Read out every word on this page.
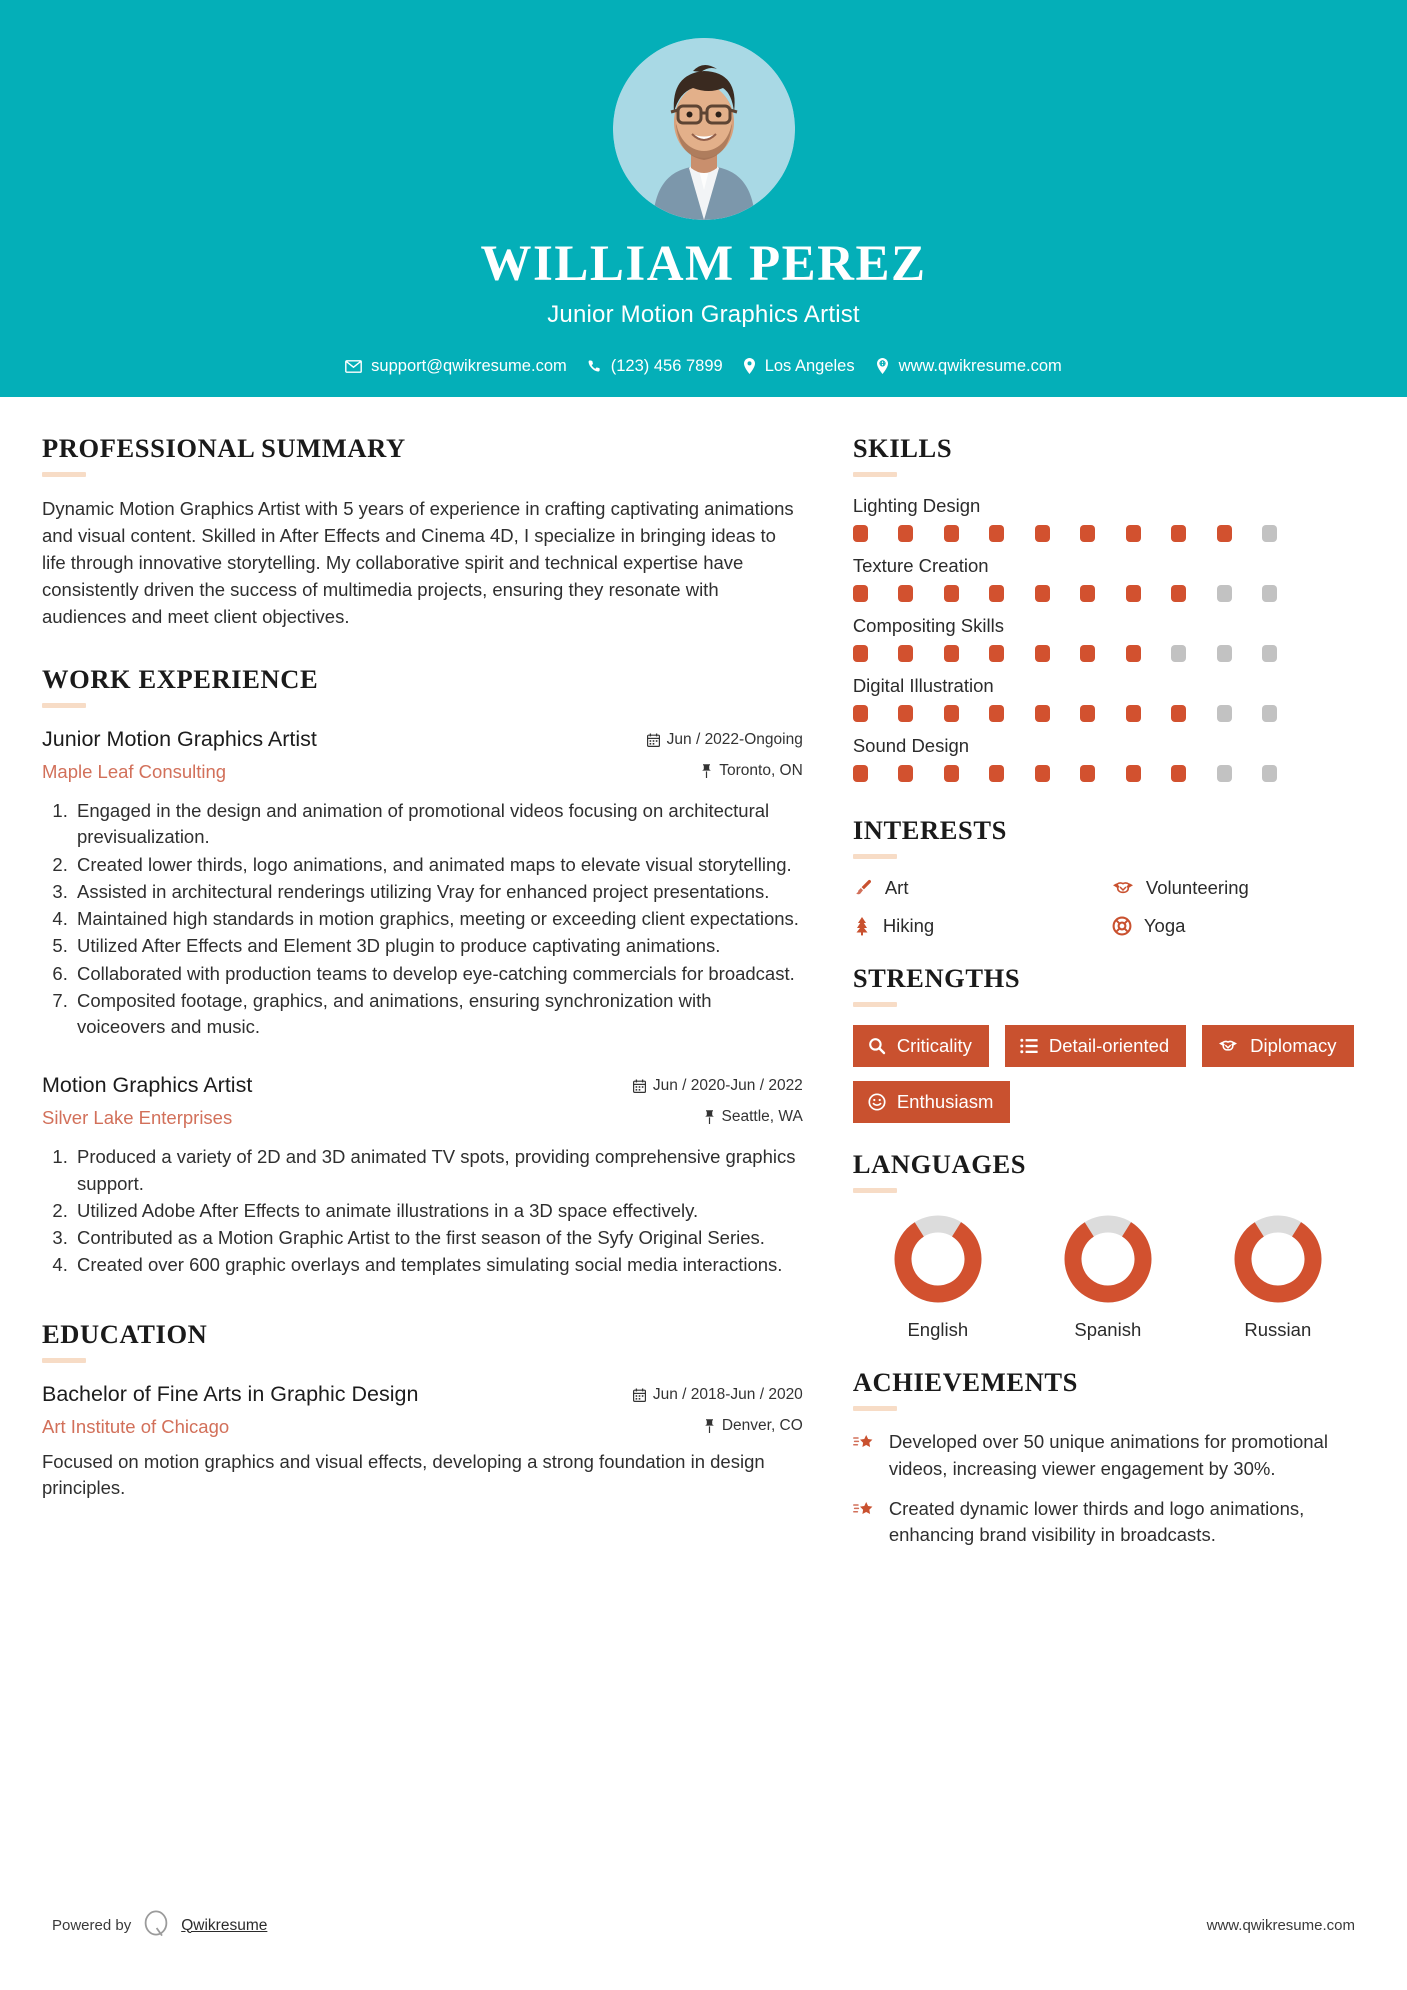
WILLIAM PEREZ
Junior Motion Graphics Artist
support@qwikresume.com	(123) 456 7899	Los Angeles	www.qwikresume.com
PROFESSIONAL SUMMARY
Dynamic Motion Graphics Artist with 5 years of experience in crafting captivating animations and visual content. Skilled in After Effects and Cinema 4D, I specialize in bringing ideas to life through innovative storytelling. My collaborative spirit and technical expertise have consistently driven the success of multimedia projects, ensuring they resonate with audiences and meet client objectives.
WORK EXPERIENCE
Junior Motion Graphics Artist
Maple Leaf Consulting
Jun / 2022-Ongoing
Toronto, ON
1. Engaged in the design and animation of promotional videos focusing on architectural previsualization.
2. Created lower thirds, logo animations, and animated maps to elevate visual storytelling.
3. Assisted in architectural renderings utilizing Vray for enhanced project presentations.
4. Maintained high standards in motion graphics, meeting or exceeding client expectations.
5. Utilized After Effects and Element 3D plugin to produce captivating animations.
6. Collaborated with production teams to develop eye-catching commercials for broadcast.
7. Composited footage, graphics, and animations, ensuring synchronization with voiceovers and music.
Motion Graphics Artist
Silver Lake Enterprises
Jun / 2020-Jun / 2022
Seattle, WA
1. Produced a variety of 2D and 3D animated TV spots, providing comprehensive graphics support.
2. Utilized Adobe After Effects to animate illustrations in a 3D space effectively.
3. Contributed as a Motion Graphic Artist to the first season of the Syfy Original Series.
4. Created over 600 graphic overlays and templates simulating social media interactions.
EDUCATION
Bachelor of Fine Arts in Graphic Design
Art Institute of Chicago
Jun / 2018-Jun / 2020
Denver, CO
Focused on motion graphics and visual effects, developing a strong foundation in design principles.
SKILLS
Lighting Design
Texture Creation
Compositing Skills
Digital Illustration
Sound Design
INTERESTS
Art	Volunteering
Hiking	Yoga
STRENGTHS
Criticality	Detail-oriented	Diplomacy
Enthusiasm
LANGUAGES
English	Spanish	Russian
ACHIEVEMENTS
Developed over 50 unique animations for promotional videos, increasing viewer engagement by 30%.
Created dynamic lower thirds and logo animations, enhancing brand visibility in broadcasts.
Powered by	Qwikresume	www.qwikresume.com
